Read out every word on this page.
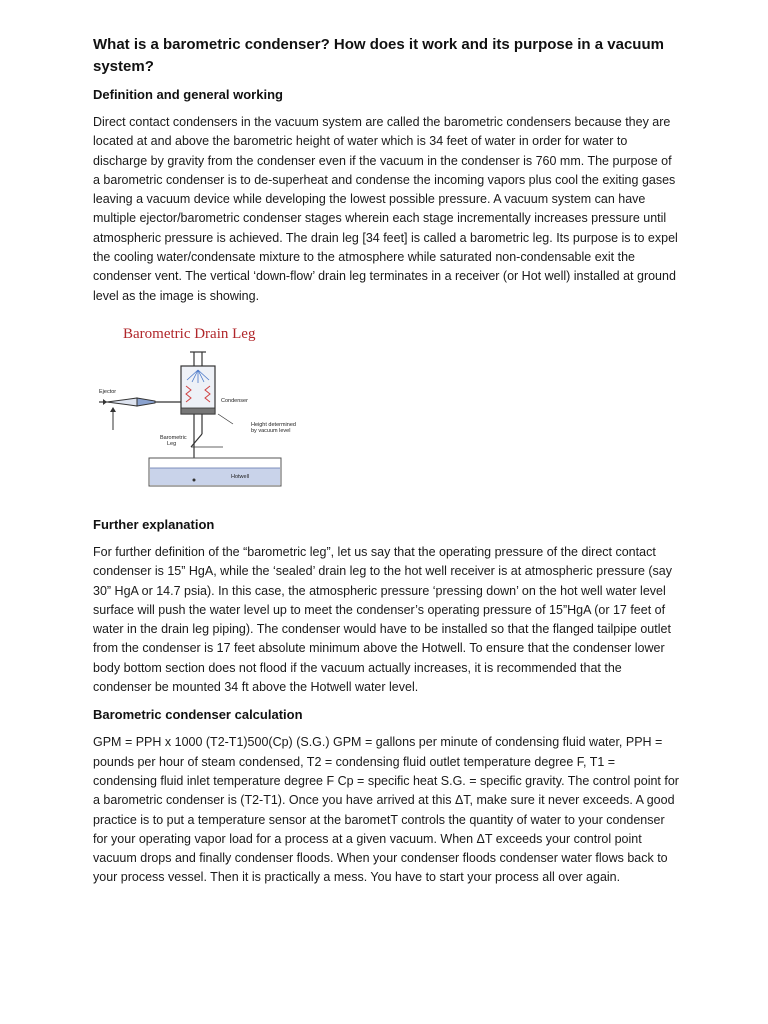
What is a barometric condenser? How does it work and its purpose in a vacuum system?
Definition and general working

Direct contact condensers in the vacuum system are called the barometric condensers because they are located at and above the barometric height of water which is 34 feet of water in order for water to discharge by gravity from the condenser even if the vacuum in the condenser is 760 mm. The purpose of a barometric condenser is to de-superheat and condense the incoming vapors plus cool the exiting gases leaving a vacuum device while developing the lowest possible pressure. A vacuum system can have multiple ejector/barometric condenser stages wherein each stage incrementally increases pressure until atmospheric pressure is achieved. The drain leg [34 feet] is called a barometric leg. Its purpose is to expel the cooling water/condensate mixture to the atmosphere while saturated non-condensable exit the condenser vent. The vertical ‘down-flow’ drain leg terminates in a receiver (or Hot well) installed at ground level as the image is showing.

Barometric Drain Leg
Ejector
Condenser
Height determined
by vacuum level
Barometric
Leg
Hotwell
Further explanation

For further definition of the “barometric leg”, let us say that the operating pressure of the direct contact condenser is 15” HgA, while the ‘sealed’ drain leg to the hot well receiver is at atmospheric pressure (say 30” HgA or 14.7 psia). In this case, the atmospheric pressure ‘pressing down’ on the hot well water level surface will push the water level up to meet the condenser’s operating pressure of 15”HgA (or 17 feet of water in the drain leg piping). The condenser would have to be installed so that the flanged tailpipe outlet from the condenser is 17 feet absolute minimum above the Hotwell. To ensure that the condenser lower body bottom section does not flood if the vacuum actually increases, it is recommended that the condenser be mounted 34 ft above the Hotwell water level.

Barometric condenser calculation

GPM = PPH x 1000 (T2-T1)500(Cp) (S.G.) GPM = gallons per minute of condensing fluid water, PPH = pounds per hour of steam condensed, T2 = condensing fluid outlet temperature degree F, T1 = condensing fluid inlet temperature degree F Cp = specific heat S.G. = specific gravity. The control point for a barometric condenser is (T2-T1). Once you have arrived at this ΔT, make sure it never exceeds. A good practice is to put a temperature sensor at the barometT controls the quantity of water to your condenser for your operating vapor load for a process at a given vacuum. When ΔT exceeds your control point vacuum drops and finally condenser floods. When your condenser floods condenser water flows back to your process vessel. Then it is practically a mess. You have to start your process all over again.
